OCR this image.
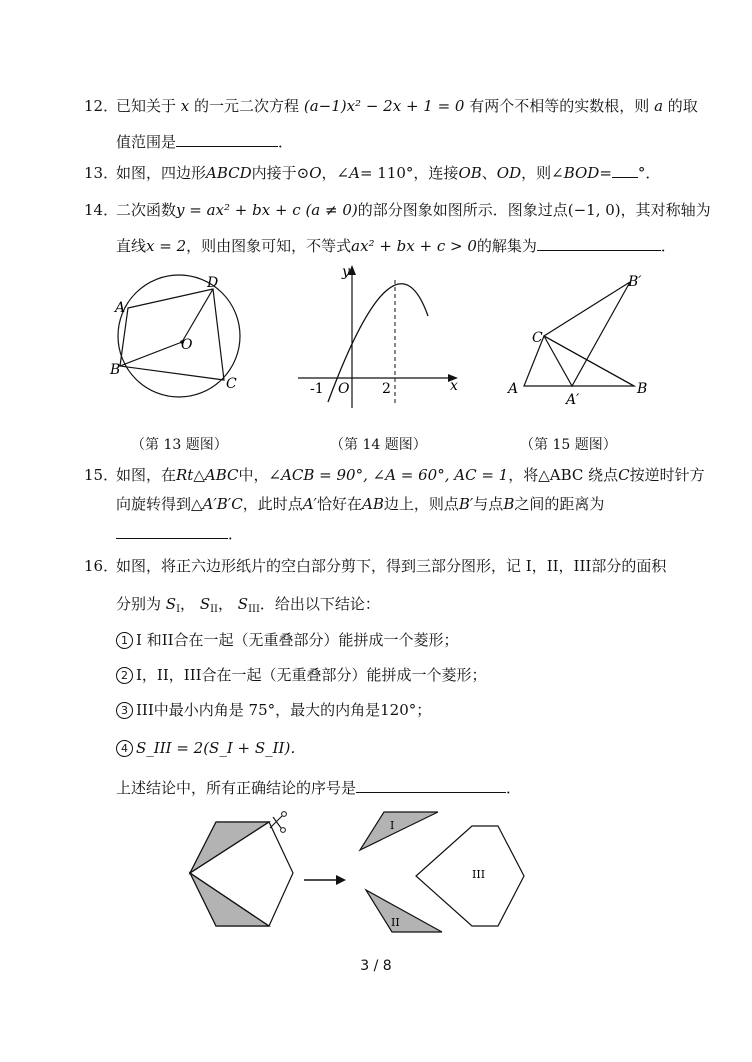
12．
已知关于 x 的一元二次方程 (a−1)x² − 2x + 1 = 0 有两个不相等的实数根，则 a 的取
值范围是	．
13．
如图，四边形ABCD内接于⊙O，∠A= 110°，连接OB、OD，则∠BOD= °．
14．
二次函数y = ax² + bx + c (a ≠ 0)的部分图象如图所示．图象过点(−1, 0)，其对称轴为
直线x = 2，则由图象可知，不等式ax² + bx + c > 0的解集为	．
A
B
C
D
O
（第 13 题图）
y
x
O
-1	2
（第 14 题图）
A	B
C
A′
B′
（第 15 题图）
15．
如图，在Rt△ABC中，∠ACB = 90°, ∠A = 60°, AC = 1，将△ABC 绕点C按逆时针方
向旋转得到△A′B′C，此时点A′恰好在AB边上，则点B′与点B之间的距离为
．
16．
如图，将正六边形纸片的空白部分剪下，得到三部分图形，记 I，II，III部分的面积
分别为 $S_I$， $S_{II}$， $S_{III}$．给出以下结论：
1 I 和II合在一起（无重叠部分）能拼成一个菱形；
2 I，II，III合在一起（无重叠部分）能拼成一个菱形；
3 III中最小内角是 75°，最大的内角是120°；
4 S_III = 2(S_I + S_II)．
上述结论中，所有正确结论的序号是	．
I
II
III
3 / 8
